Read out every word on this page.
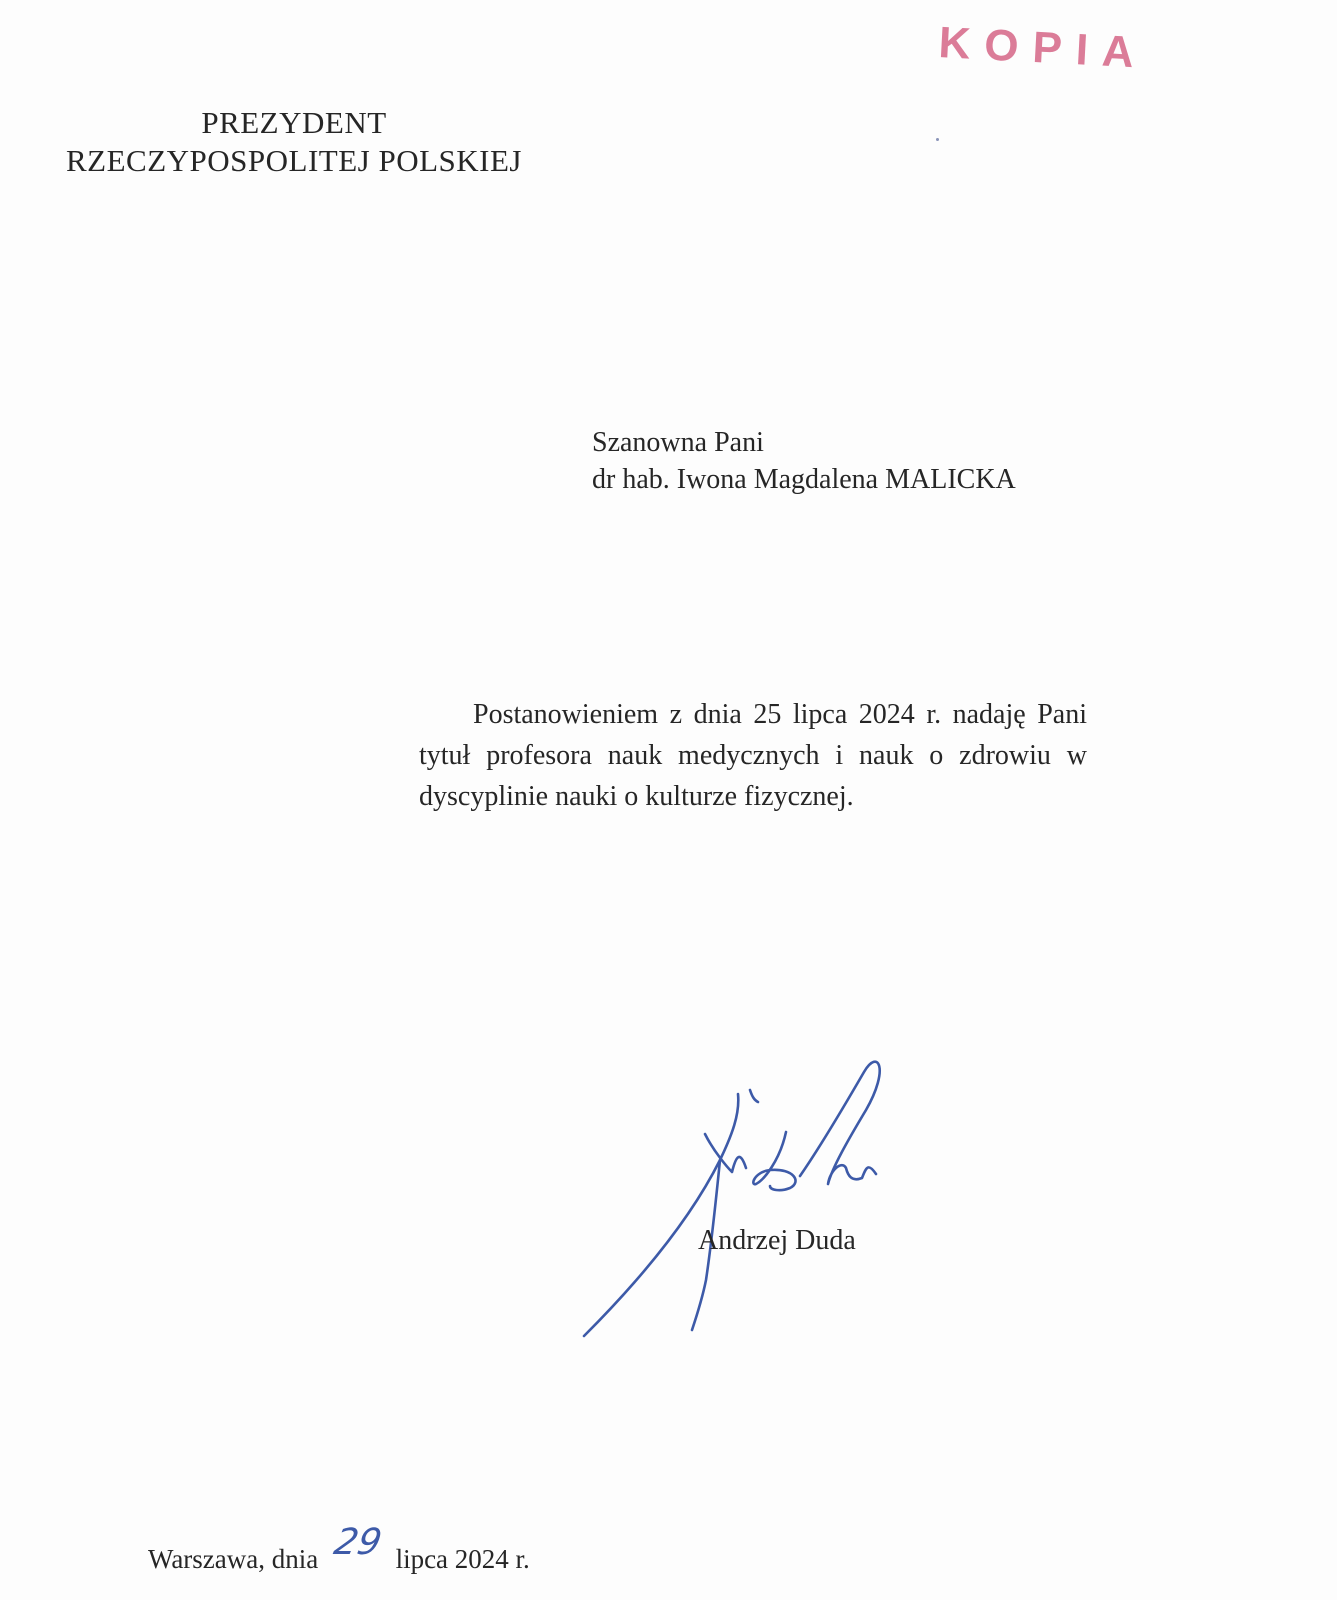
KOPIA
PREZYDENT
RZECZYPOSPOLITEJ POLSKIEJ
Szanowna Pani
dr hab. Iwona Magdalena MALICKA
Postanowieniem z dnia 25 lipca 2024 r. nadaję Pani tytuł profesora nauk medycznych i nauk o zdrowiu w dyscyplinie nauki o kulturze fizycznej.
Andrzej Duda
Warszawa, dnia 29 lipca 2024 r.
